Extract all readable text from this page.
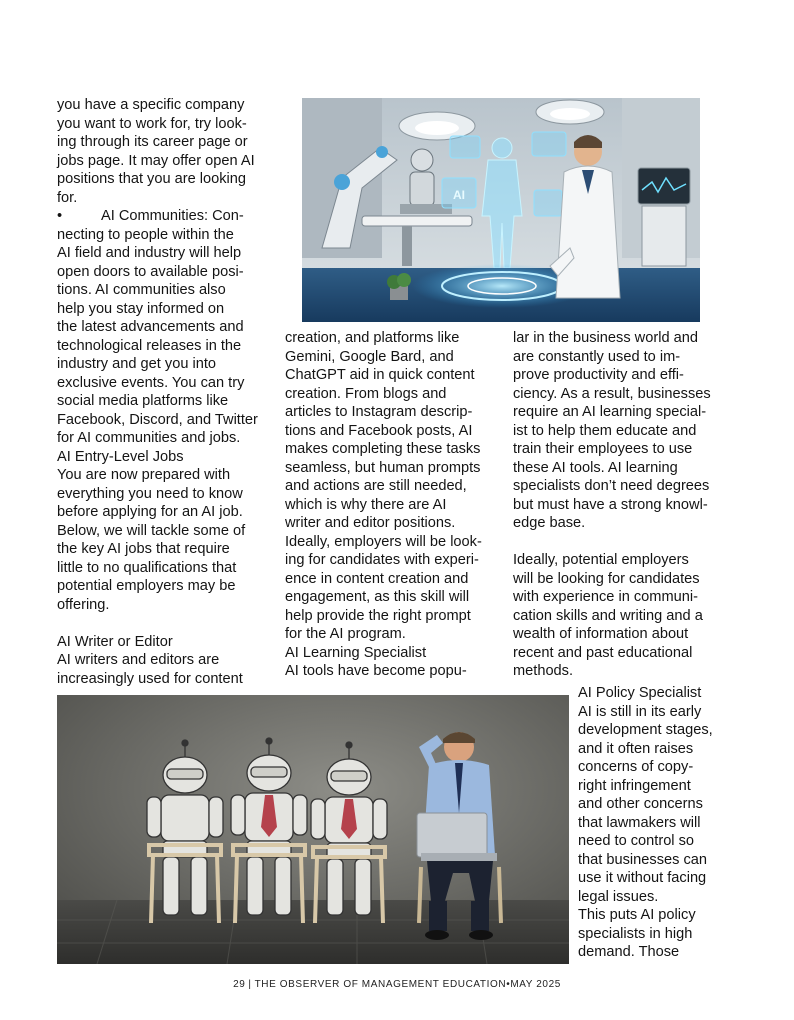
you have a specific company
you want to work for, try look-
ing through its career page or
jobs page. It may offer open AI
positions that you are looking
for.
•	AI Communities: Con-
necting to people within the
AI field and industry will help
open doors to available posi-
tions. AI communities also
help you stay informed on
the latest advancements and
technological releases in the
industry and get you into
exclusive events. You can try
social media platforms like
Facebook, Discord, and Twitter
for AI communities and jobs.
AI Entry-Level Jobs
You are now prepared with
everything you need to know
before applying for an AI job.
Below, we will tackle some of
the key AI jobs that require
little to no qualifications that
potential employers may be
offering.
AI Writer or Editor
AI writers and editors are
increasingly used for content
creation, and platforms like
Gemini, Google Bard, and
ChatGPT aid in quick content
creation. From blogs and
articles to Instagram descrip-
tions and Facebook posts, AI
makes completing these tasks
seamless, but human prompts
and actions are still needed,
which is why there are AI
writer and editor positions.
Ideally, employers will be look-
ing for candidates with experi-
ence in content creation and
engagement, as this skill will
help provide the right prompt
for the AI program.
AI Learning Specialist
AI tools have become popu-
lar in the business world and
are constantly used to im-
prove productivity and effi-
ciency. As a result, businesses
require an AI learning special-
ist to help them educate and
train their employees to use
these AI tools. AI learning
specialists don’t need degrees
but must have a strong knowl-
edge base.
Ideally, potential employers
will be looking for candidates
with experience in communi-
cation skills and writing and a
wealth of information about
recent and past educational
methods.
AI Policy Specialist
AI is still in its early
development stages,
and it often raises
concerns of copy-
right infringement
and other concerns
that lawmakers will
need to control so
that businesses can
use it without facing
legal issues.
This puts AI policy
specialists in high
demand. Those
AI
29 | THE OBSERVER OF MANAGEMENT EDUCATION•MAY 2025
